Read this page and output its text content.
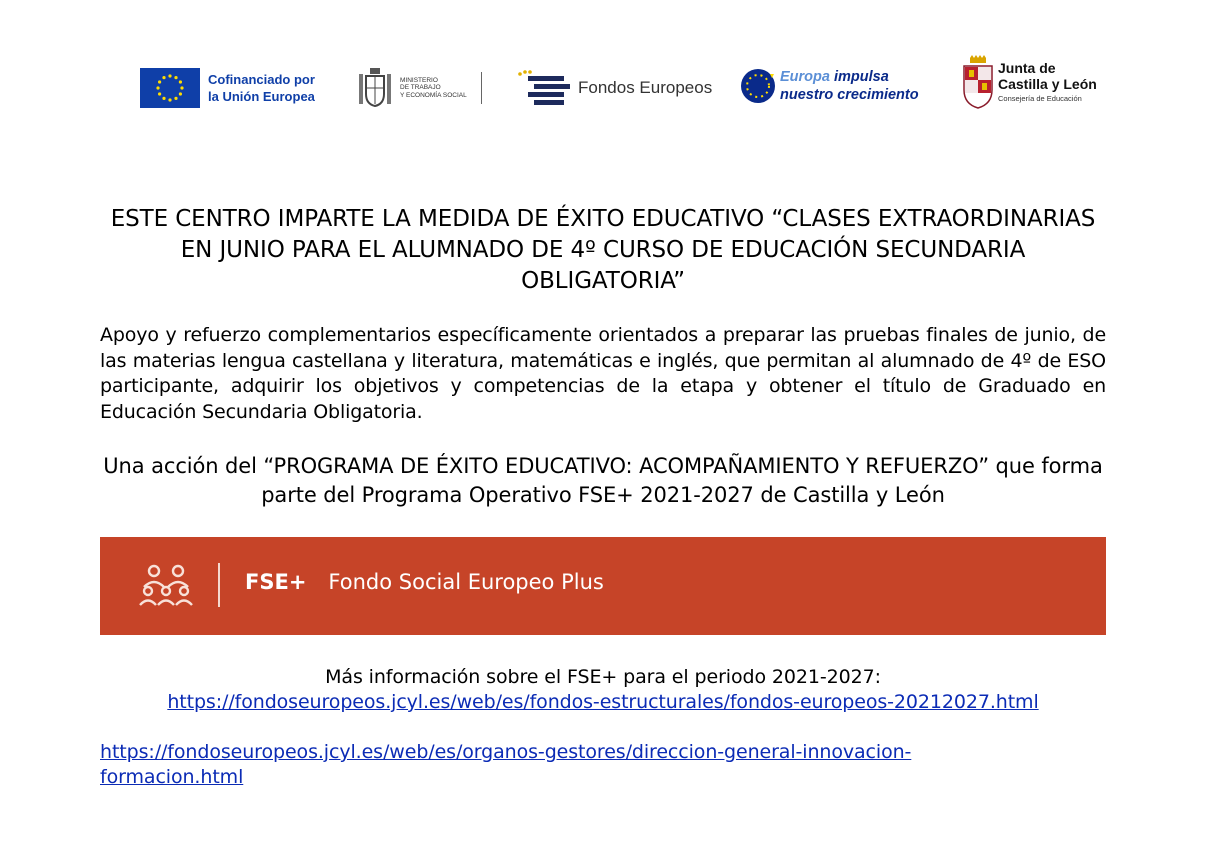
Cofinanciado por
la Unión Europea
MINISTERIO
DE TRABAJO
Y ECONOMÍA SOCIAL	Fondos Europeos
Europa impulsa
nuestro crecimiento
Junta de
Castilla y León
Consejería de Educación
ESTE CENTRO IMPARTE LA MEDIDA DE ÉXITO EDUCATIVO “CLASES EXTRAORDINARIAS EN JUNIO PARA EL ALUMNADO DE 4º CURSO DE EDUCACIÓN SECUNDARIA OBLIGATORIA”
Apoyo y refuerzo complementarios específicamente orientados a preparar las pruebas finales de junio, de las materias lengua castellana y literatura, matemáticas e inglés, que permitan al alumnado de 4º de ESO participante, adquirir los objetivos y competencias de la etapa y obtener el título de Graduado en Educación Secundaria Obligatoria.
Una acción del “PROGRAMA DE ÉXITO EDUCATIVO: ACOMPAÑAMIENTO Y REFUERZO” que forma parte del Programa Operativo FSE+ 2021-2027 de Castilla y León
FSE+ Fondo Social Europeo Plus
Más información sobre el FSE+ para el periodo 2021-2027:
https://fondoseuropeos.jcyl.es/web/es/fondos-estructurales/fondos-europeos-20212027.html
https://fondoseuropeos.jcyl.es/web/es/organos-gestores/direccion-general-innovacion-
formacion.html
